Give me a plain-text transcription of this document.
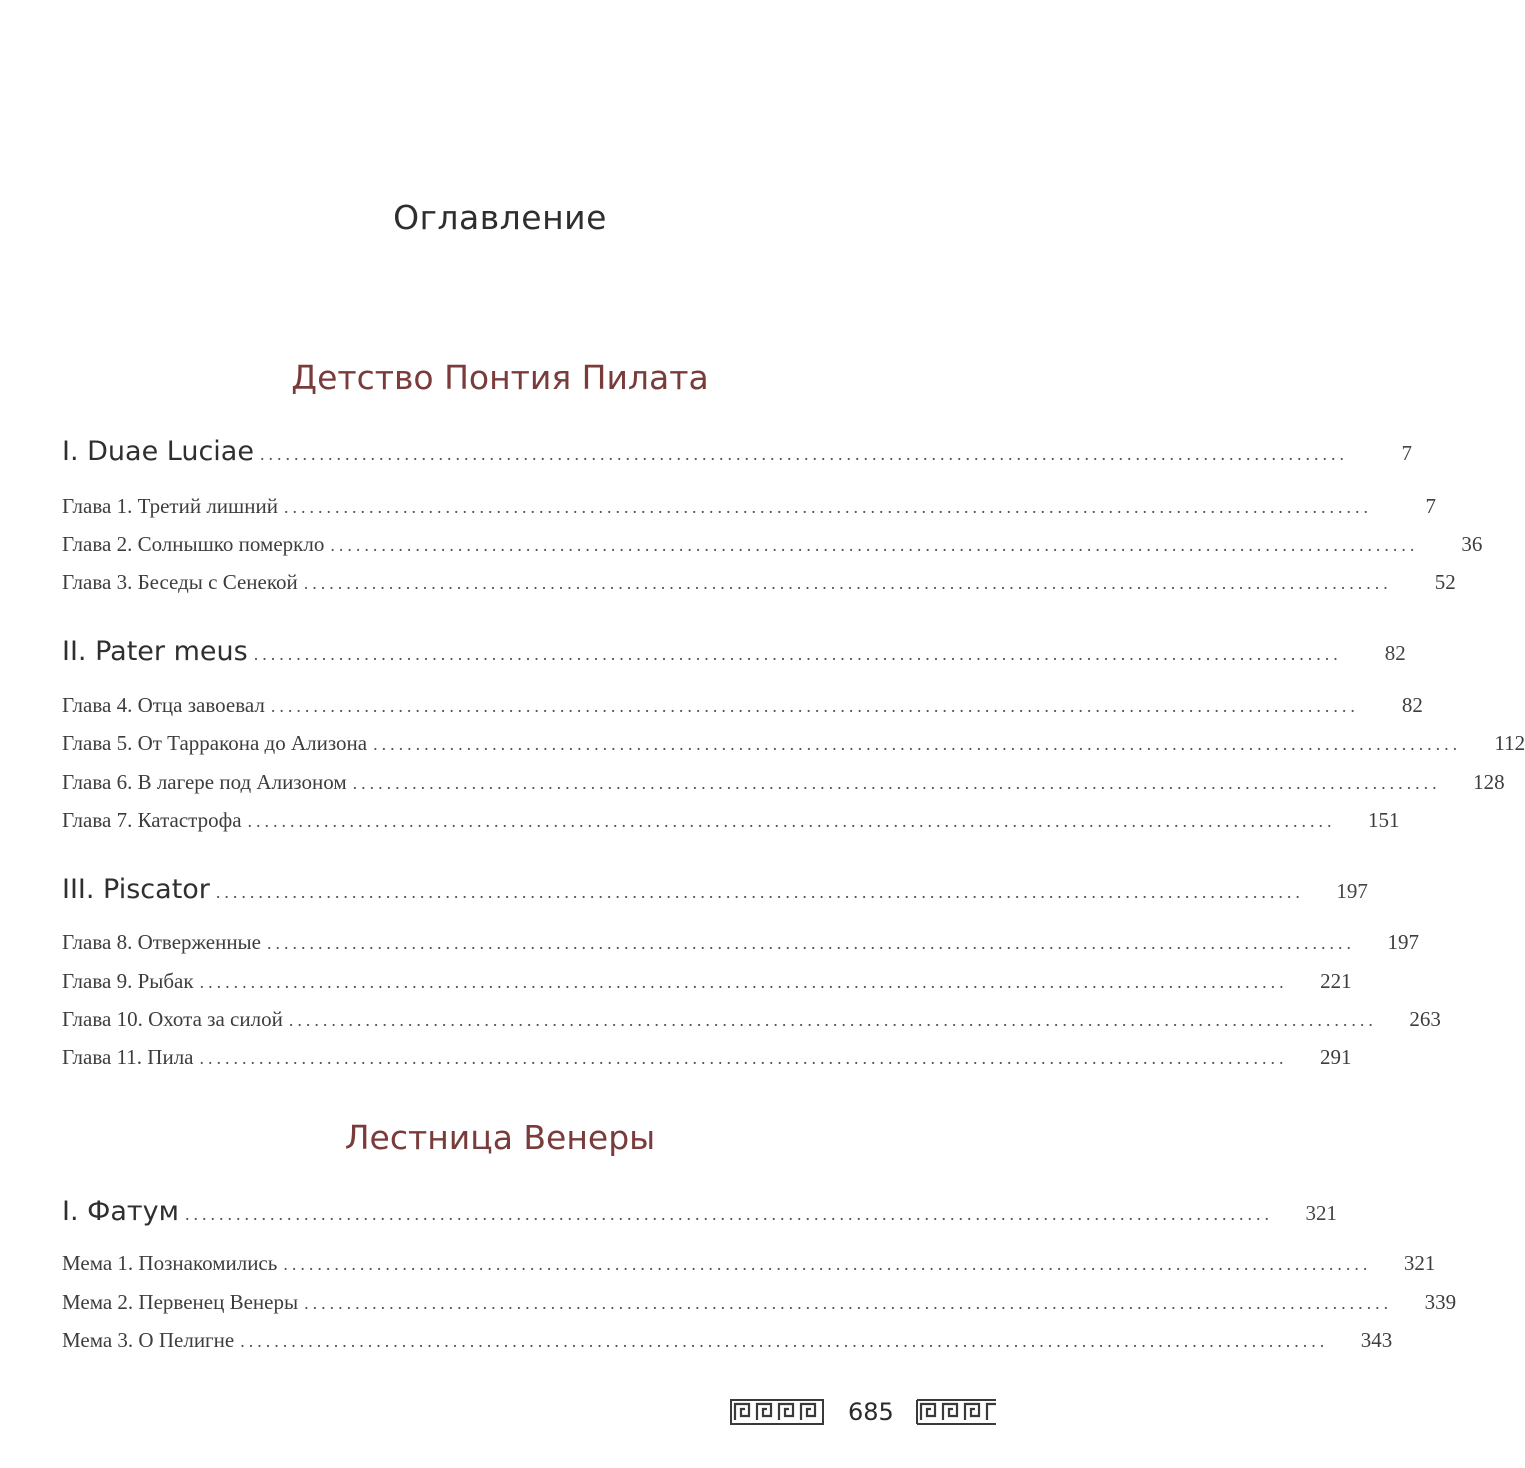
Оглавление
Детство Понтия Пилата
I. Duae Luciae ................................................................................................................................	7
Глава 1. Третий лишний ................................................................................................................................	7
Глава 2. Солнышко померкло ................................................................................................................................	36
Глава 3. Беседы с Сенекой ................................................................................................................................	52
II. Pater meus ................................................................................................................................	82
Глава 4. Отца завоевал ................................................................................................................................	82
Глава 5. От Тарракона до Ализона ................................................................................................................................ 112
Глава 6. В лагере под Ализоном ................................................................................................................................ 128
Глава 7. Катастрофа ................................................................................................................................ 151
III. Piscator ................................................................................................................................ 197
Глава 8. Отверженные ................................................................................................................................ 197
Глава 9. Рыбак ................................................................................................................................ 221
Глава 10. Охота за силой ................................................................................................................................ 263
Глава 11. Пила ................................................................................................................................ 291
Лестница Венеры
I. Фатум ................................................................................................................................ 321
Мема 1. Познакомились ................................................................................................................................ 321
Мема 2. Первенец Венеры ................................................................................................................................ 339
Мема 3. О Пелигне ................................................................................................................................ 343
685
